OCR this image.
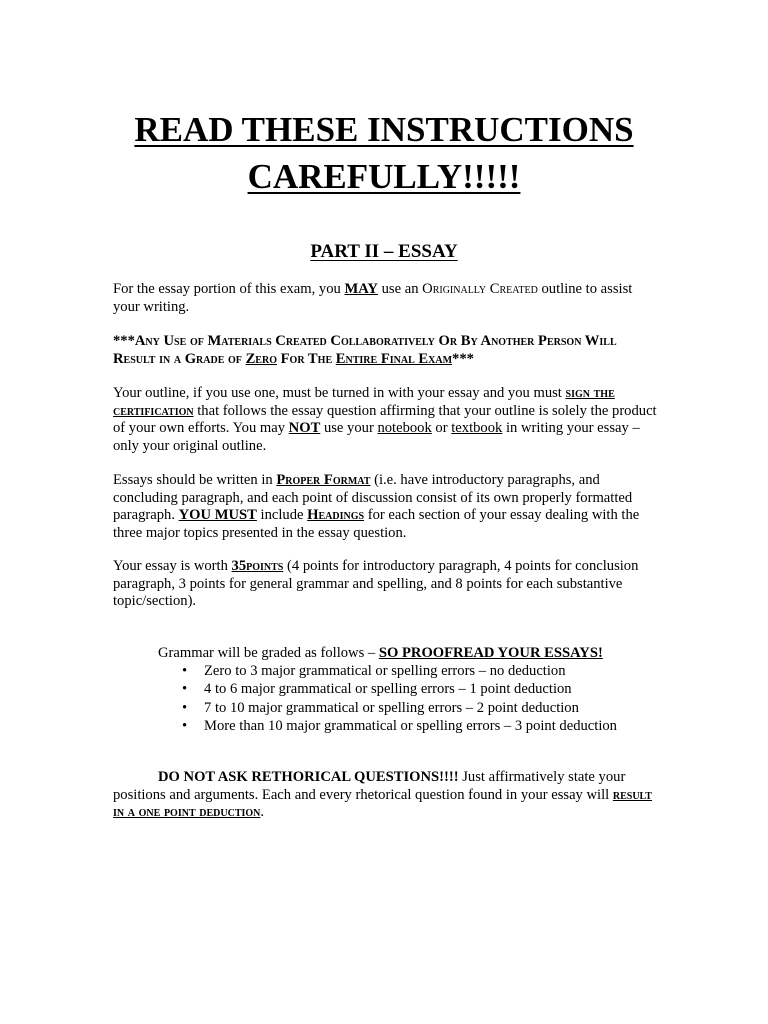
READ THESE INSTRUCTIONS
CAREFULLY!!!!!
PART II – ESSAY

For the essay portion of this exam, you MAY use an Originally Created outline to assist your writing.

***Any Use of Materials Created Collaboratively Or By Another Person Will Result in a Grade of Zero For The Entire Final Exam***

Your outline, if you use one, must be turned in with your essay and you must sign the certification that follows the essay question affirming that your outline is solely the product of your own efforts. You may NOT use your notebook or textbook in writing your essay – only your original outline.

Essays should be written in Proper Format (i.e. have introductory paragraphs, and concluding paragraph, and each point of discussion consist of its own properly formatted paragraph. YOU MUST include Headings for each section of your essay dealing with the three major topics presented in the essay question.

Your essay is worth 35points (4 points for introductory paragraph, 4 points for conclusion paragraph, 3 points for general grammar and spelling, and 8 points for each substantive topic/section).

Grammar will be graded as follows – SO PROOFREAD YOUR ESSAYS!
• Zero to 3 major grammatical or spelling errors – no deduction
• 4 to 6 major grammatical or spelling errors – 1 point deduction
• 7 to 10 major grammatical or spelling errors – 2 point deduction
• More than 10 major grammatical or spelling errors – 3 point deduction

DO NOT ASK RETHORICAL QUESTIONS!!!! Just affirmatively state your positions and arguments. Each and every rhetorical question found in your essay will result in a one point deduction.
